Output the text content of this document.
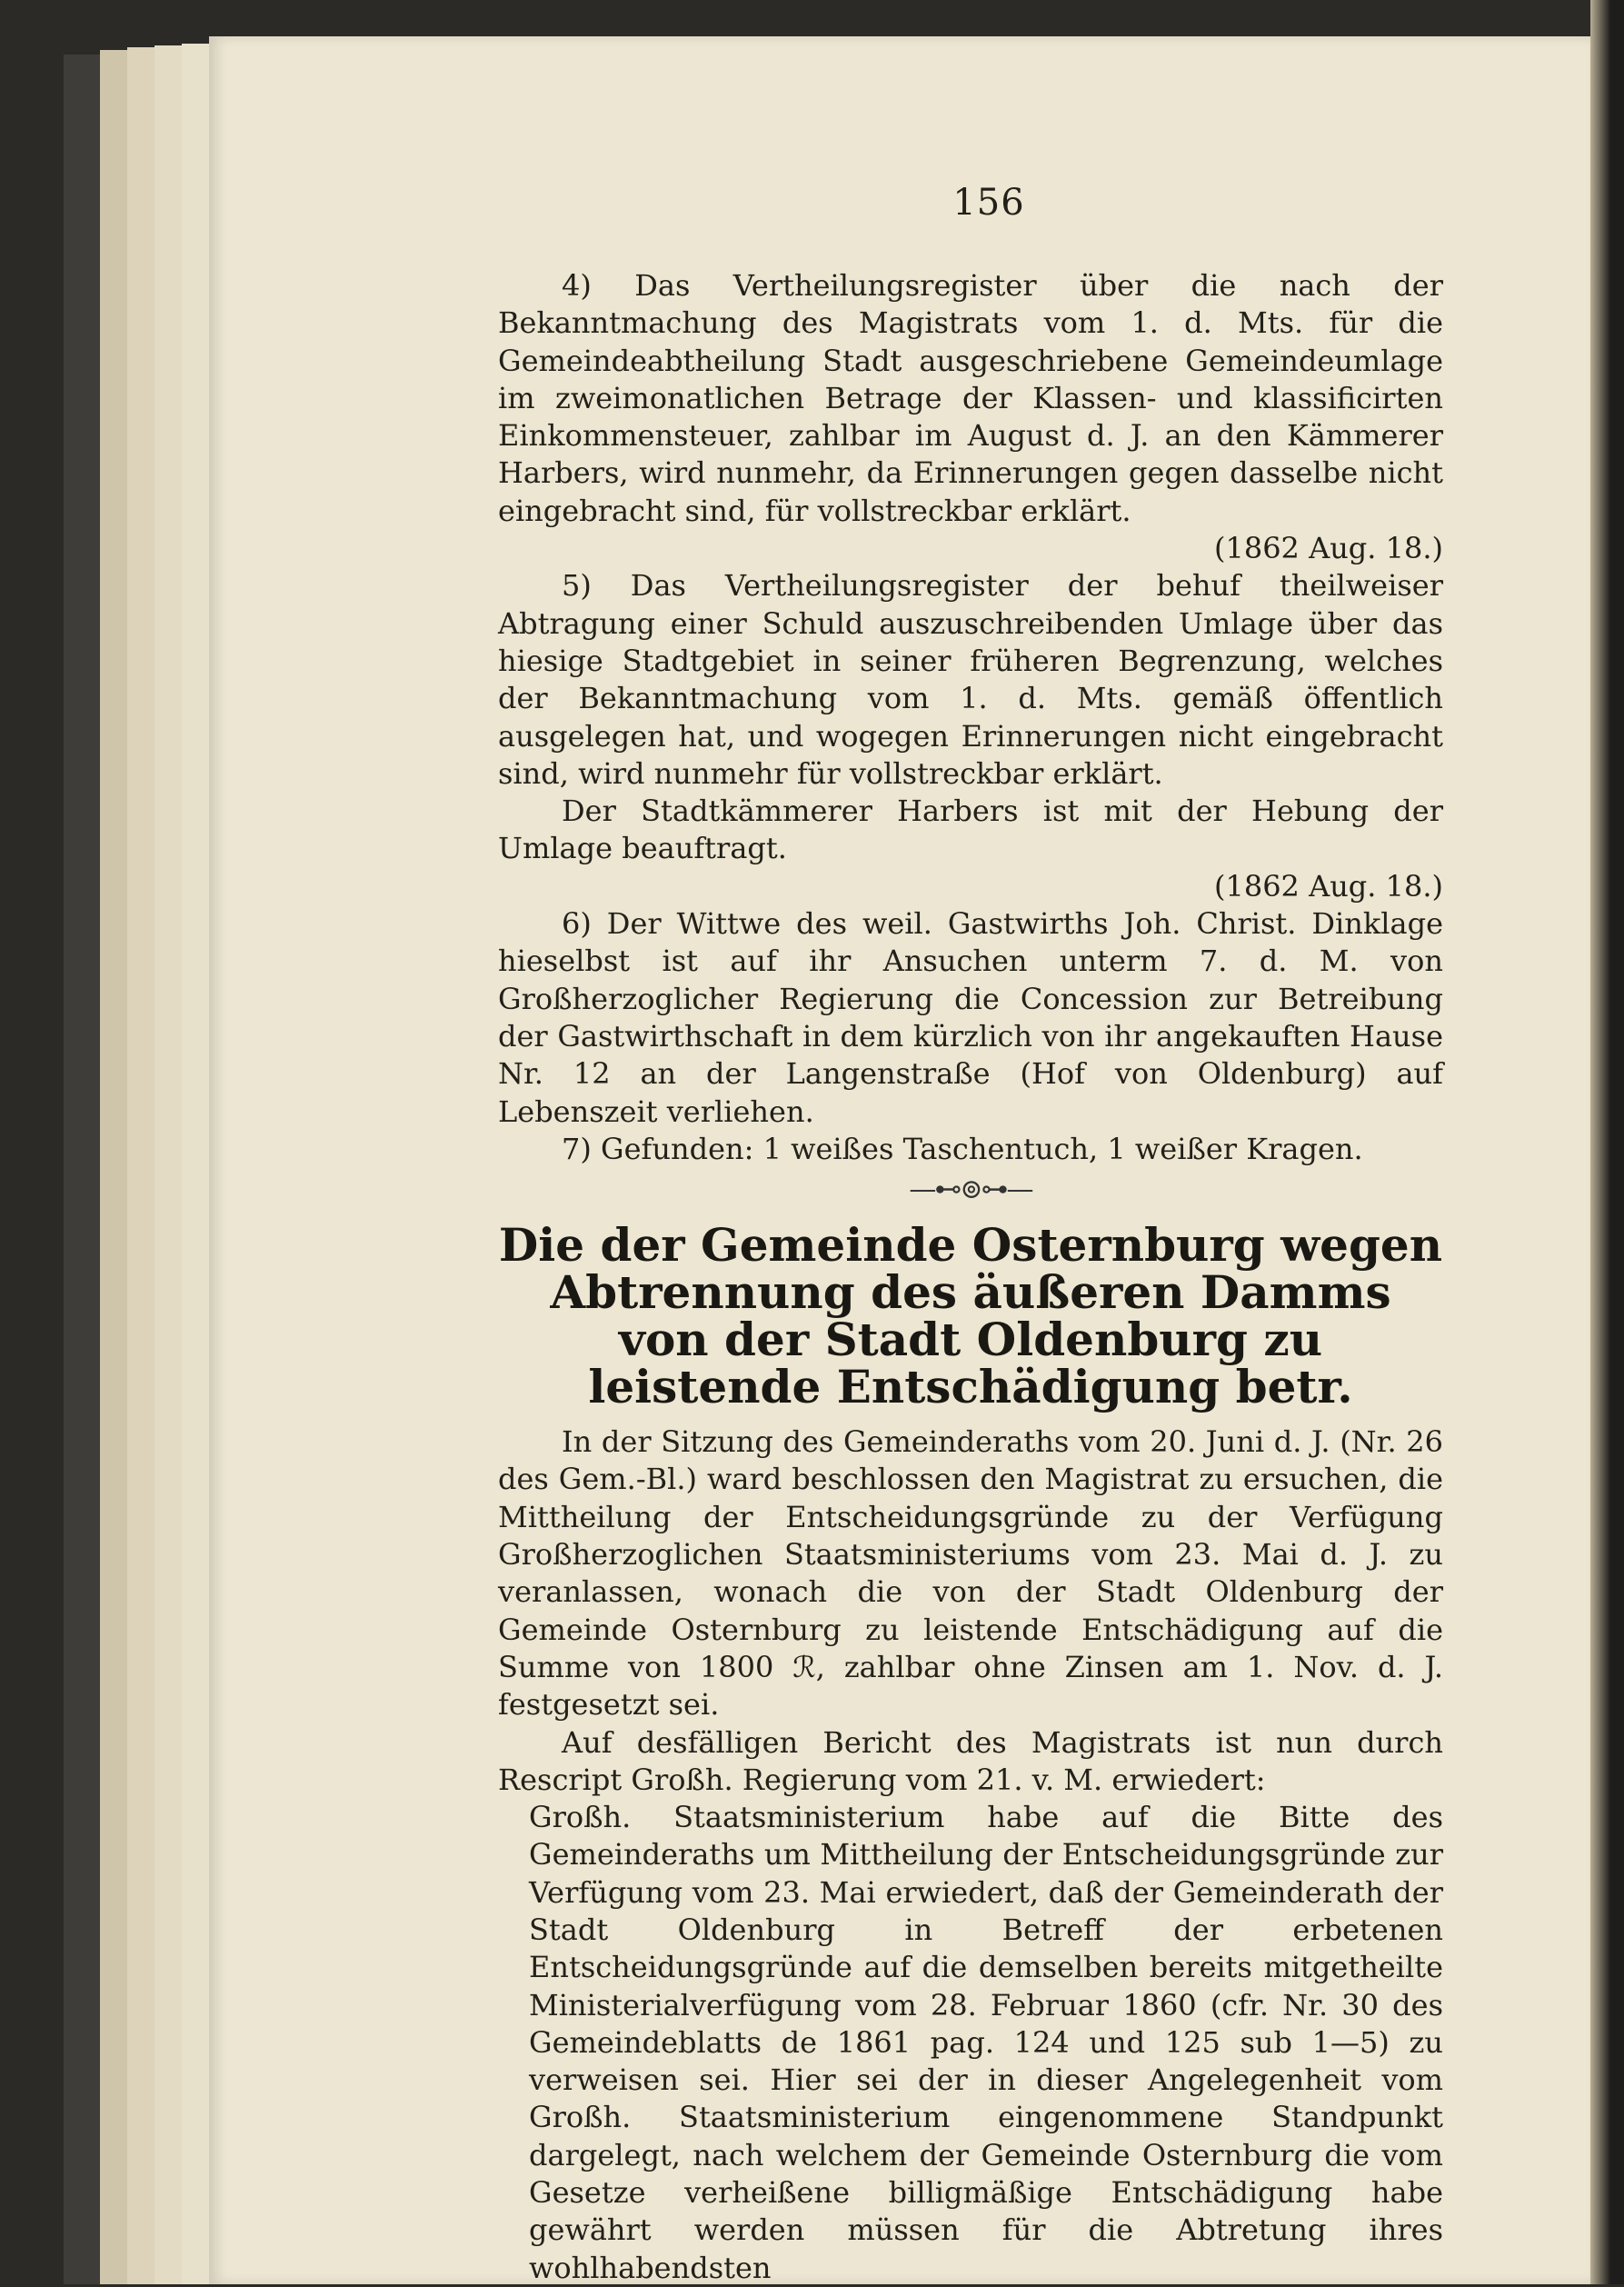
156

4) Das Vertheilungsregister über die nach der Bekanntmachung des Magistrats vom 1. d. Mts. für die Gemeindeabtheilung Stadt ausgeschriebene Gemeindeumlage im zweimonatlichen Betrage der Klassen- und klassificirten Einkommensteuer, zahlbar im August d. J. an den Kämmerer Harbers, wird nunmehr, da Erinnerungen gegen dasselbe nicht eingebracht sind, für vollstreckbar erklärt.

(1862 Aug. 18.)

5) Das Vertheilungsregister der behuf theilweiser Abtragung einer Schuld auszuschreibenden Umlage über das hiesige Stadtgebiet in seiner früheren Begrenzung, welches der Bekanntmachung vom 1. d. Mts. gemäß öffentlich ausgelegen hat, und wogegen Erinnerungen nicht eingebracht sind, wird nunmehr für vollstreckbar erklärt.

Der Stadtkämmerer Harbers ist mit der Hebung der Umlage beauftragt.

(1862 Aug. 18.)

6) Der Wittwe des weil. Gastwirths Joh. Christ. Dinklage hieselbst ist auf ihr Ansuchen unterm 7. d. M. von Großherzoglicher Regierung die Concession zur Betreibung der Gastwirthschaft in dem kürzlich von ihr angekauften Hause Nr. 12 an der Langenstraße (Hof von Oldenburg) auf Lebenszeit verliehen.

7) Gefunden: 1 weißes Taschentuch, 1 weißer Kragen.

—⊷⊚⊶—
Die der Gemeinde Osternburg wegen Abtrennung des äußeren Damms von der Stadt Oldenburg zu leistende Entschädigung betr.

In der Sitzung des Gemeinderaths vom 20. Juni d. J. (Nr. 26 des Gem.-Bl.) ward beschlossen den Magistrat zu ersuchen, die Mittheilung der Entscheidungsgründe zu der Verfügung Großherzoglichen Staatsministeriums vom 23. Mai d. J. zu veranlassen, wonach die von der Stadt Oldenburg der Gemeinde Osternburg zu leistende Entschädigung auf die Summe von 1800 ℛ, zahlbar ohne Zinsen am 1. Nov. d. J. festgesetzt sei.

Auf desfälligen Bericht des Magistrats ist nun durch Rescript Großh. Regierung vom 21. v. M. erwiedert:

Großh. Staatsministerium habe auf die Bitte des Gemeinderaths um Mittheilung der Entscheidungsgründe zur Verfügung vom 23. Mai erwiedert, daß der Gemeinderath der Stadt Oldenburg in Betreff der erbetenen Entscheidungsgründe auf die demselben bereits mitgetheilte Ministerialverfügung vom 28. Februar 1860 (cfr. Nr. 30 des Gemeindeblatts de 1861 pag. 124 und 125 sub 1—5) zu verweisen sei. Hier sei der in dieser Angelegenheit vom Großh. Staatsministerium eingenommene Standpunkt dargelegt, nach welchem der Gemeinde Osternburg die vom Gesetze verheißene billigmäßige Entschädigung habe gewährt werden müssen für die Abtretung ihres wohlhabendsten
